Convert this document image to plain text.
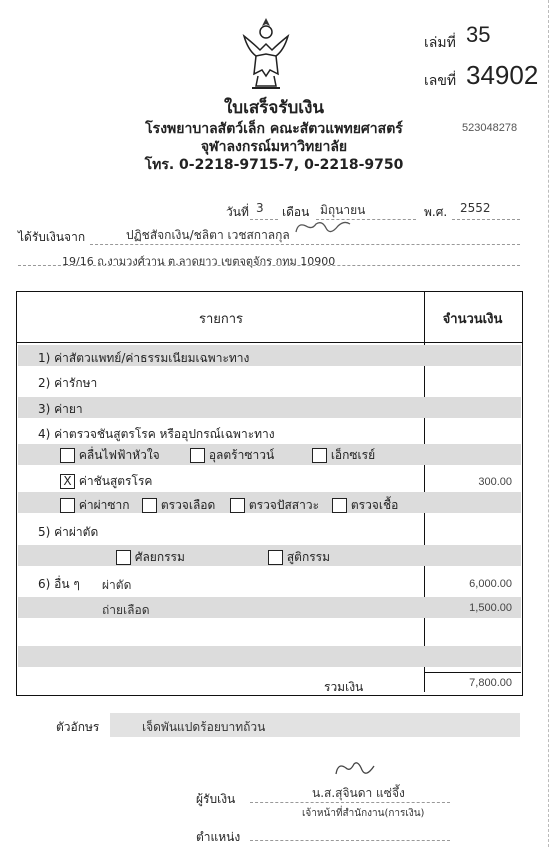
เล่มที่ 35
เลขที่ 34902
523048278
ใบเสร็จรับเงิน
โรงพยาบาลสัตว์เล็ก คณะสัตวแพทยศาสตร์
จุฬาลงกรณ์มหาวิทยาลัย
โทร. 0-2218-9715-7, 0-2218-9750
วันที่ 3 เดือน มิถุนายน	พ.ศ. 2552
ได้รับเงินจาก	ปฏิชสัจกเงิน/ชลิตา เวชสกาลกุล
19/16 ถ.งามวงศ์วาน ต.ลาดยาว เขตจตุจักร กทม 10900
รายการ	จำนวนเงิน
1) ค่าสัตวแพทย์/ค่าธรรมเนียมเฉพาะทาง
2) ค่ารักษา
3) ค่ายา
4) ค่าตรวจชันสูตรโรค หรืออุปกรณ์เฉพาะทาง
คลื่นไฟฟ้าหัวใจ	อุลตร้าซาวน์	เอ็กซเรย์
X ค่าชันสูตรโรค	300.00
ค่าผ่าซาก	ตรวจเลือด	ตรวจปัสสาวะ	ตรวจเชื้อ
5) ค่าผ่าตัด
ศัลยกรรม	สูติกรรม
6) อื่น ๆ ผ่าตัด	6,000.00
ถ่ายเลือด	1,500.00
รวมเงิน	7,800.00
ตัวอักษร	เจ็ดพันแปดร้อยบาทถ้วน
ผู้รับเงิน	น.ส.สุจินดา แซ่จึ้ง
เจ้าหน้าที่สำนักงาน(การเงิน)
ตำแหน่ง
